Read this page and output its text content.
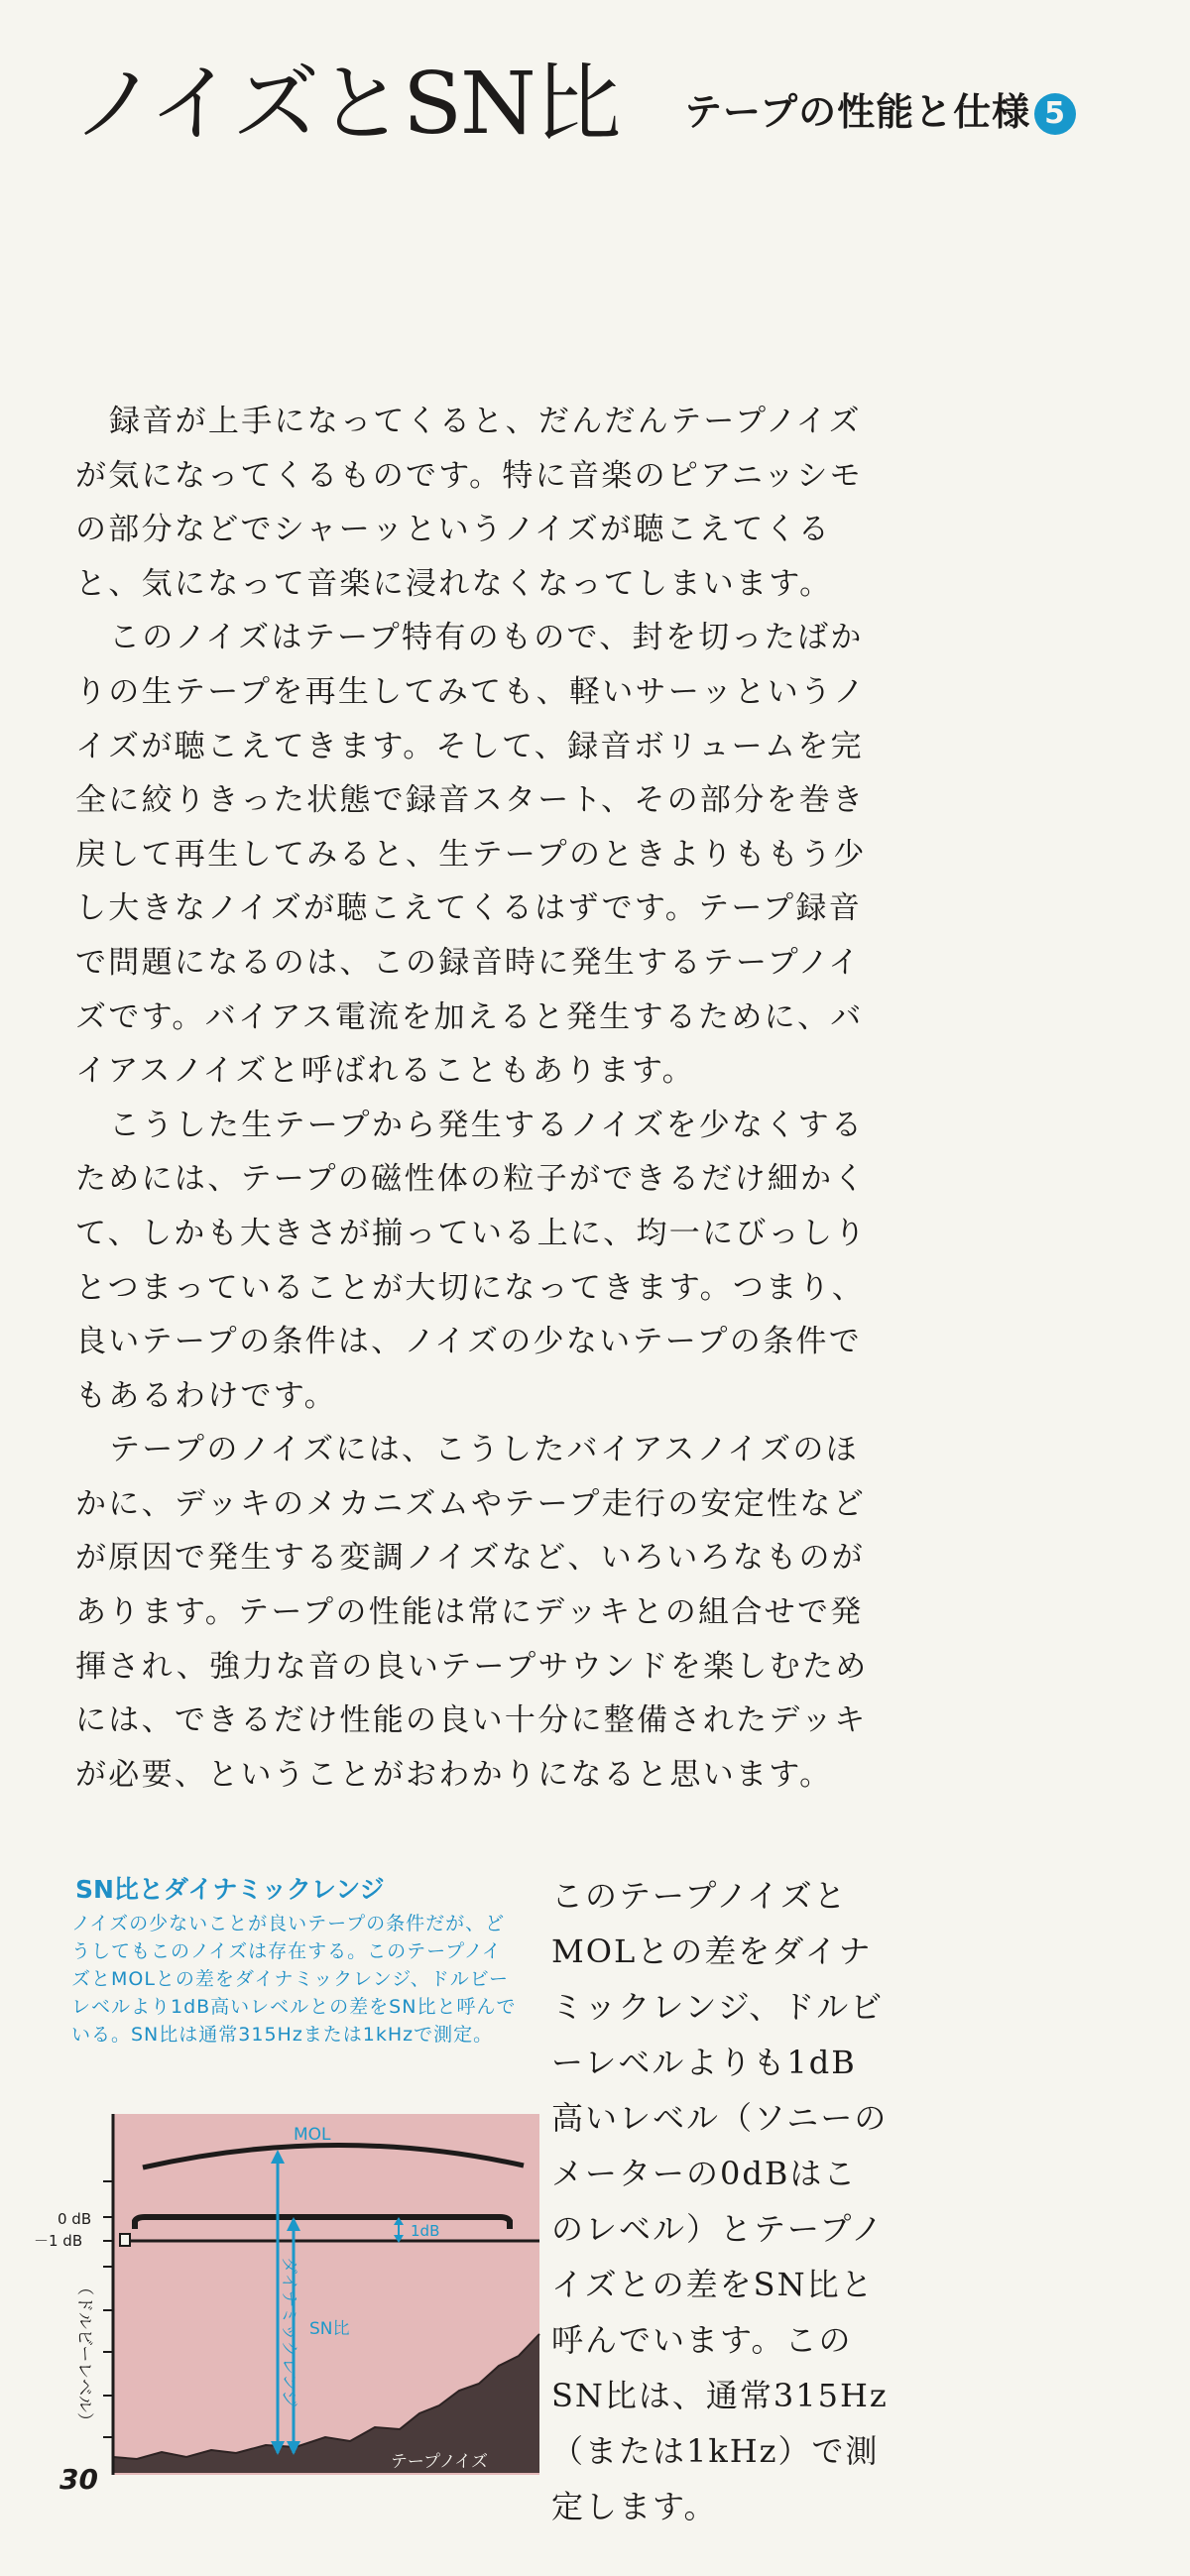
ノイズとSN比 テープの性能と仕様 5

録音が上手になってくると、だんだんテープノイズが気になってくるものです。特に音楽のピアニッシモの部分などでシャーッというノイズが聴こえてくると、気になって音楽に浸れなくなってしまいます。

このノイズはテープ特有のもので、封を切ったばかりの生テープを再生してみても、軽いサーッというノイズが聴こえてきます。そして、録音ボリュームを完全に絞りきった状態で録音スタート、その部分を巻き戻して再生してみると、生テープのときよりももう少し大きなノイズが聴こえてくるはずです。テープ録音で問題になるのは、この録音時に発生するテープノイズです。バイアス電流を加えると発生するために、バイアスノイズと呼ばれることもあります。

こうした生テープから発生するノイズを少なくするためには、テープの磁性体の粒子ができるだけ細かくて、しかも大きさが揃っている上に、均一にびっしりとつまっていることが大切になってきます。つまり、良いテープの条件は、ノイズの少ないテープの条件でもあるわけです。

テープのノイズには、こうしたバイアスノイズのほかに、デッキのメカニズムやテープ走行の安定性などが原因で発生する変調ノイズなど、いろいろなものがあります。テープの性能は常にデッキとの組合せで発揮され、強力な音の良いテープサウンドを楽しむためには、できるだけ性能の良い十分に整備されたデッキが必要、ということがおわかりになると思います。

SN比とダイナミックレンジ
ノイズの少ないことが良いテープの条件だが、どうしてもこのノイズは存在する。このテープノイズとMOLとの差をダイナミックレンジ、ドルビーレベルより1dB高いレベルとの差をSN比と呼んでいる。SN比は通常315Hzまたは1kHzで測定。
このテープノイズとMOLとの差をダイナミックレンジ、ドルビーレベルよりも1dB高いレベル（ソニーのメーターの0dBはこのレベル）とテープノイズとの差をSN比と呼んでいます。このSN比は、通常315Hz（または1kHz）で測定します。
MOL
ダイナミックレンジ SN比
1dB
0 dB
－1 dB
（ドルビーレベル）
テープノイズ
30
